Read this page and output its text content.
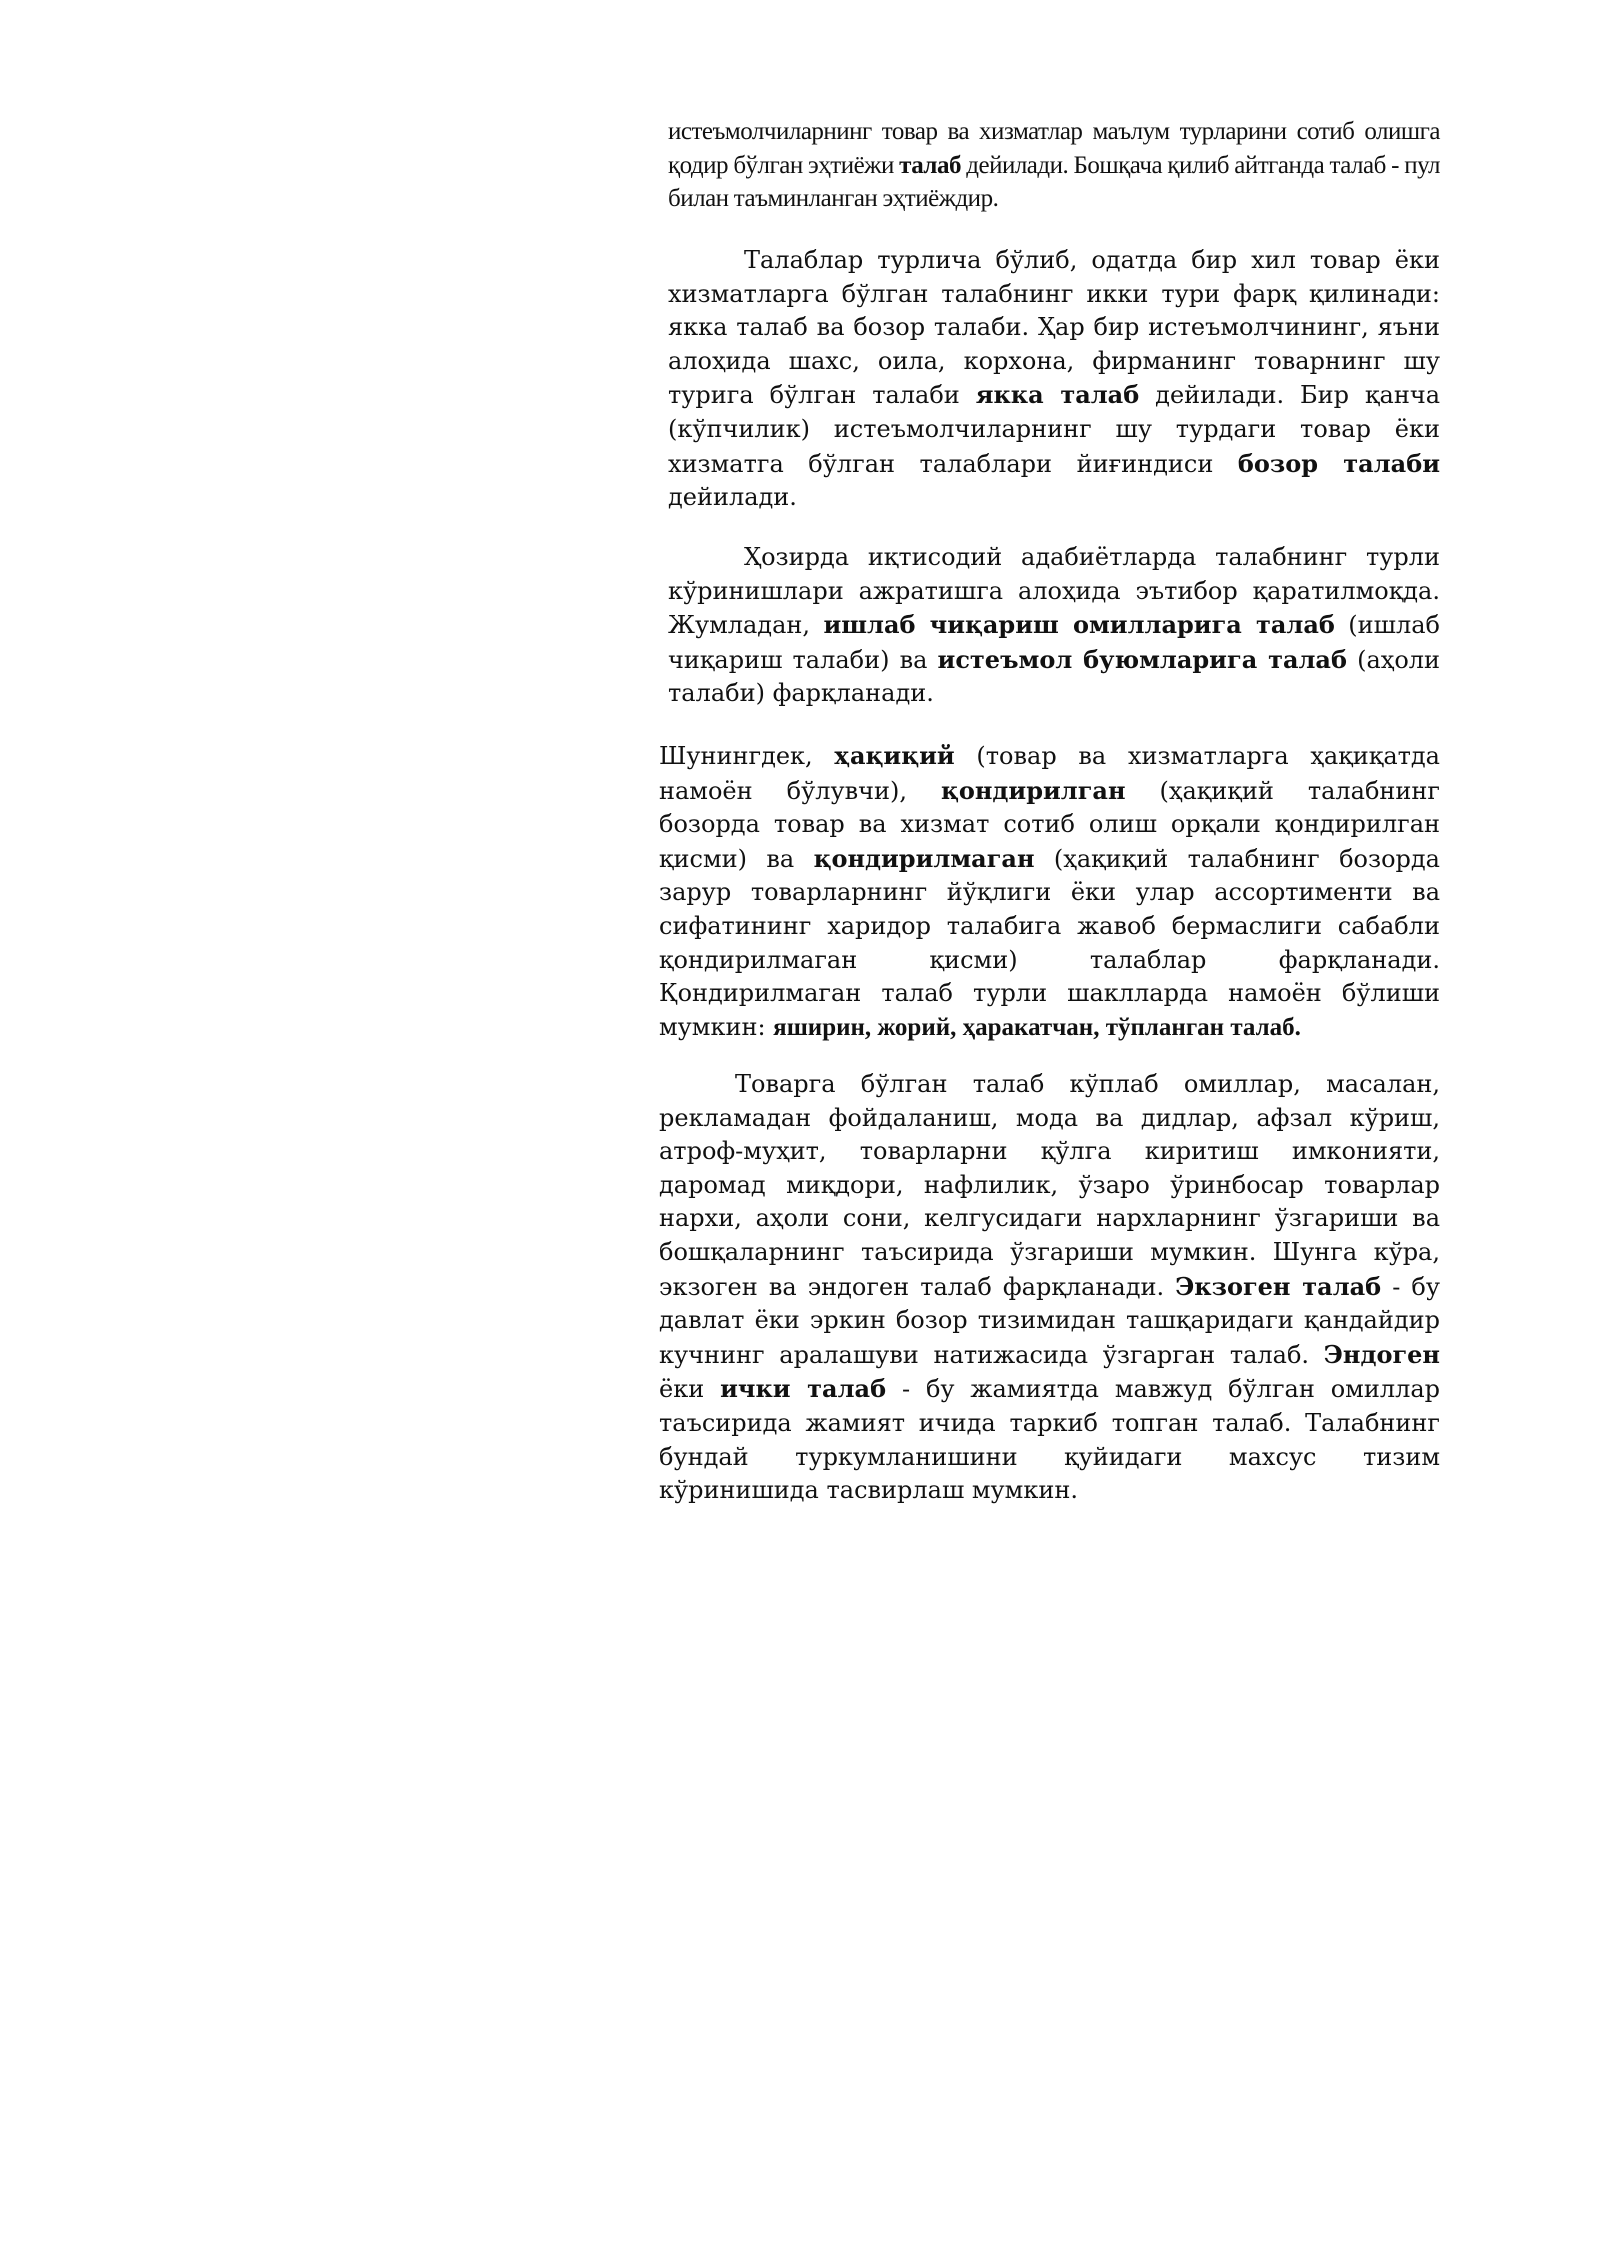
истеъмолчиларнинг товар ва хизматлар маълум турларини сотиб олишга қодир бўлган эҳтиёжи талаб дейилади. Бошқача қилиб айтганда талаб - пул билан таъминланган эҳтиёждир.

Талаблар турлича бўлиб, одатда бир хил товар ёки хизматларга бўлган талабнинг икки тури фарқ қилинади: якка талаб ва бозор талаби. Ҳар бир истеъмолчининг, яъни алоҳида шахс, оила, корхона, фирманинг товарнинг шу турига бўлган талаби якка талаб дейилади. Бир қанча (кўпчилик) истеъмолчиларнинг шу турдаги товар ёки хизматга бўлган талаблари йиғиндиси бозор талаби дейилади.

Ҳозирда иқтисодий адабиётларда талабнинг турли кўринишлари ажратишга алоҳида эътибор қаратилмоқда. Жумладан, ишлаб чиқариш омилларига талаб (ишлаб чиқариш талаби) ва истеъмол буюмларига талаб (аҳоли талаби) фарқланади.

Шунингдек, ҳақиқий (товар ва хизматларга ҳақиқатда намоён бўлувчи), қондирилган (ҳақиқий талабнинг бозорда товар ва хизмат сотиб олиш орқали қондирилган қисми) ва қондирилмаган (ҳақиқий талабнинг бозорда зарур товарларнинг йўқлиги ёки улар ассортименти ва сифатининг харидор талабига жавоб бермаслиги сабабли қондирилмаган қисми) талаблар фарқланади. Қондирилмаган талаб турли шаклларда намоён бўлиши мумкин: яширин, жорий, ҳаракатчан, тўпланган талаб.

Товарга бўлган талаб кўплаб омиллар, масалан, рекламадан фойдаланиш, мода ва дидлар, афзал кўриш, атроф-муҳит, товарларни қўлга киритиш имконияти, даромад миқдори, нафлилик, ўзаро ўринбосар товарлар нархи, аҳоли сони, келгусидаги нархларнинг ўзгариши ва бошқаларнинг таъсирида ўзгариши мумкин. Шунга кўра, экзоген ва эндоген талаб фарқланади. Экзоген талаб - бу давлат ёки эркин бозор тизимидан ташқаридаги қандайдир кучнинг аралашуви натижасида ўзгарган талаб. Эндоген ёки ички талаб - бу жамиятда мавжуд бўлган омиллар таъсирида жамият ичида таркиб топган талаб. Талабнинг бундай туркумланишини қуйидаги махсус тизим кўринишида тасвирлаш мумкин.
